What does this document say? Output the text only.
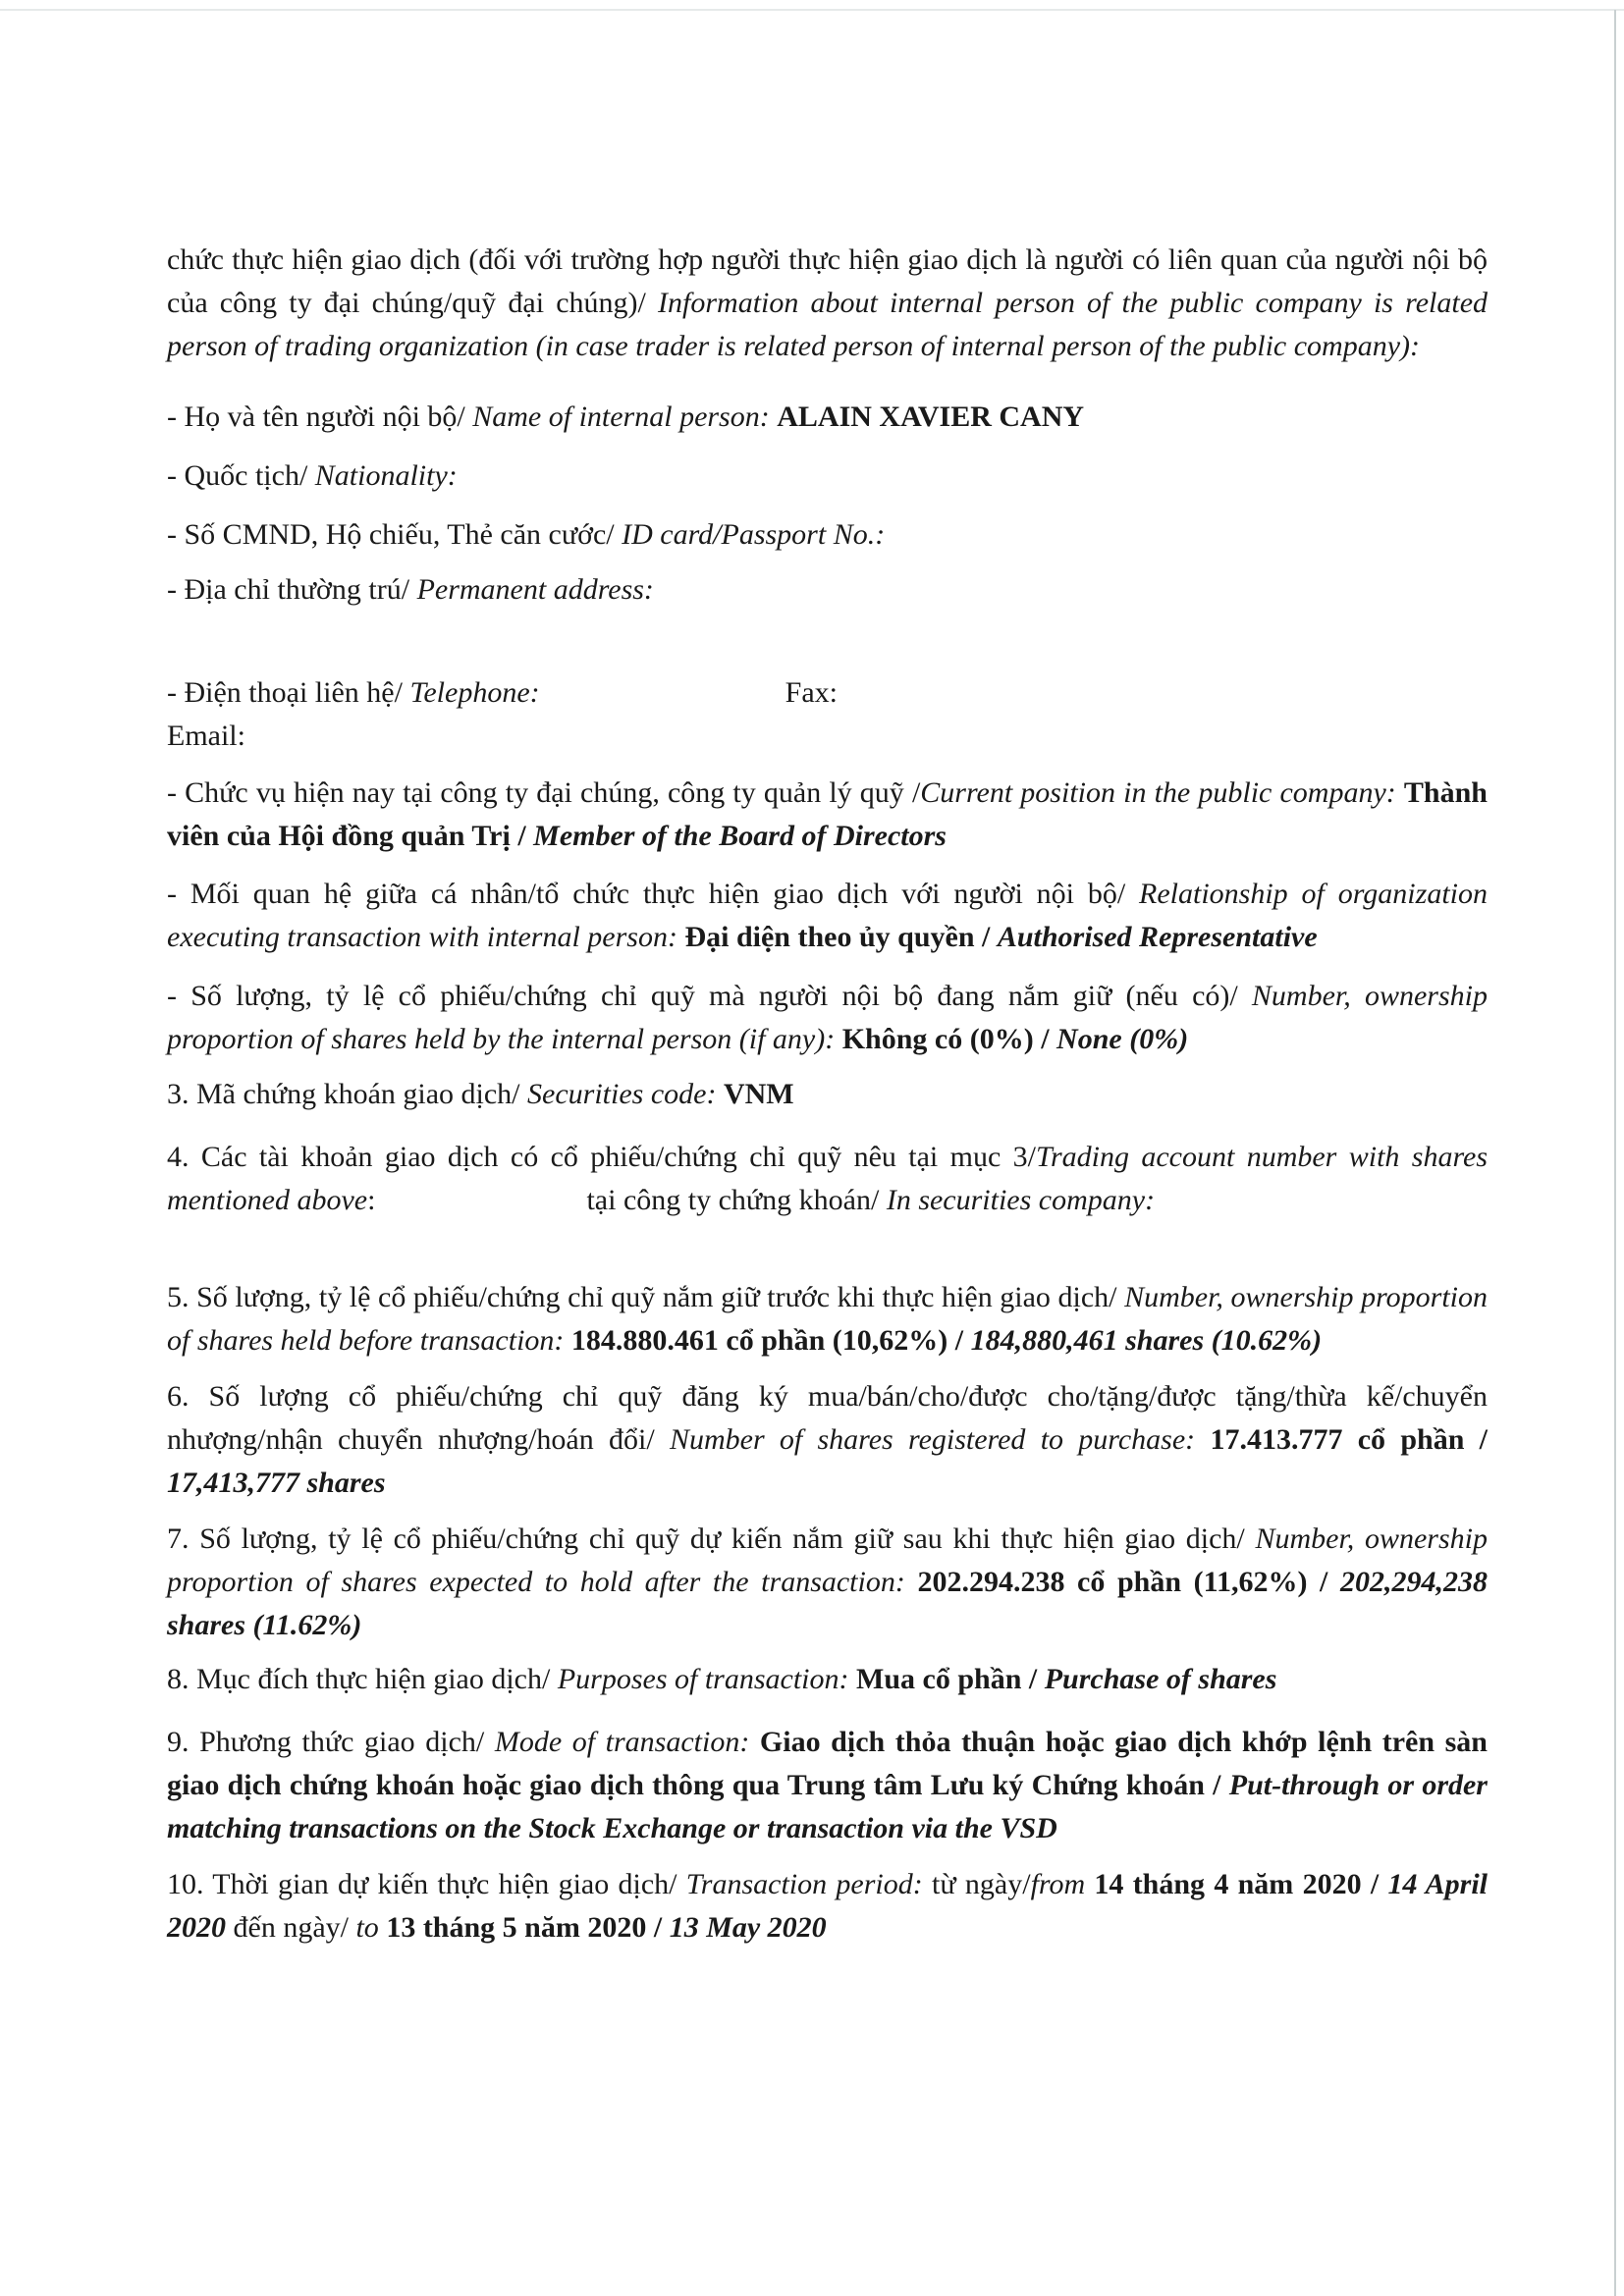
chức thực hiện giao dịch (đối với trường hợp người thực hiện giao dịch là người có liên quan của người nội bộ của công ty đại chúng/quỹ đại chúng)/ Information about internal person of the public company is related person of trading organization (in case trader is related person of internal person of the public company):

- Họ và tên người nội bộ/ Name of internal person: ALAIN XAVIER CANY

- Quốc tịch/ Nationality:

- Số CMND, Hộ chiếu, Thẻ căn cước/ ID card/Passport No.:

- Địa chỉ thường trú/ Permanent address:

- Điện thoại liên hệ/ Telephone:	Fax:
Email:

- Chức vụ hiện nay tại công ty đại chúng, công ty quản lý quỹ /Current position in the public company: Thành viên của Hội đồng quản Trị / Member of the Board of Directors

- Mối quan hệ giữa cá nhân/tổ chức thực hiện giao dịch với người nội bộ/ Relationship of organization executing transaction with internal person: Đại diện theo ủy quyền / Authorised Representative

- Số lượng, tỷ lệ cổ phiếu/chứng chỉ quỹ mà người nội bộ đang nắm giữ (nếu có)/ Number, ownership proportion of shares held by the internal person (if any): Không có (0%) / None (0%)

3. Mã chứng khoán giao dịch/ Securities code: VNM

4. Các tài khoản giao dịch có cổ phiếu/chứng chỉ quỹ nêu tại mục 3/Trading account number with shares mentioned above:	tại công ty chứng khoán/ In securities company:

5. Số lượng, tỷ lệ cổ phiếu/chứng chỉ quỹ nắm giữ trước khi thực hiện giao dịch/ Number, ownership proportion of shares held before transaction: 184.880.461 cổ phần (10,62%) / 184,880,461 shares (10.62%)

6. Số lượng cổ phiếu/chứng chỉ quỹ đăng ký mua/bán/cho/được cho/tặng/được tặng/thừa kế/chuyển nhượng/nhận chuyển nhượng/hoán đổi/ Number of shares registered to purchase: 17.413.777 cổ phần / 17,413,777 shares

7. Số lượng, tỷ lệ cổ phiếu/chứng chỉ quỹ dự kiến nắm giữ sau khi thực hiện giao dịch/ Number, ownership proportion of shares expected to hold after the transaction: 202.294.238 cổ phần (11,62%) / 202,294,238 shares (11.62%)

8. Mục đích thực hiện giao dịch/ Purposes of transaction: Mua cổ phần / Purchase of shares

9. Phương thức giao dịch/ Mode of transaction: Giao dịch thỏa thuận hoặc giao dịch khớp lệnh trên sàn giao dịch chứng khoán hoặc giao dịch thông qua Trung tâm Lưu ký Chứng khoán / Put-through or order matching transactions on the Stock Exchange or transaction via the VSD

10. Thời gian dự kiến thực hiện giao dịch/ Transaction period: từ ngày/from 14 tháng 4 năm 2020 / 14 April 2020 đến ngày/ to 13 tháng 5 năm 2020 / 13 May 2020
